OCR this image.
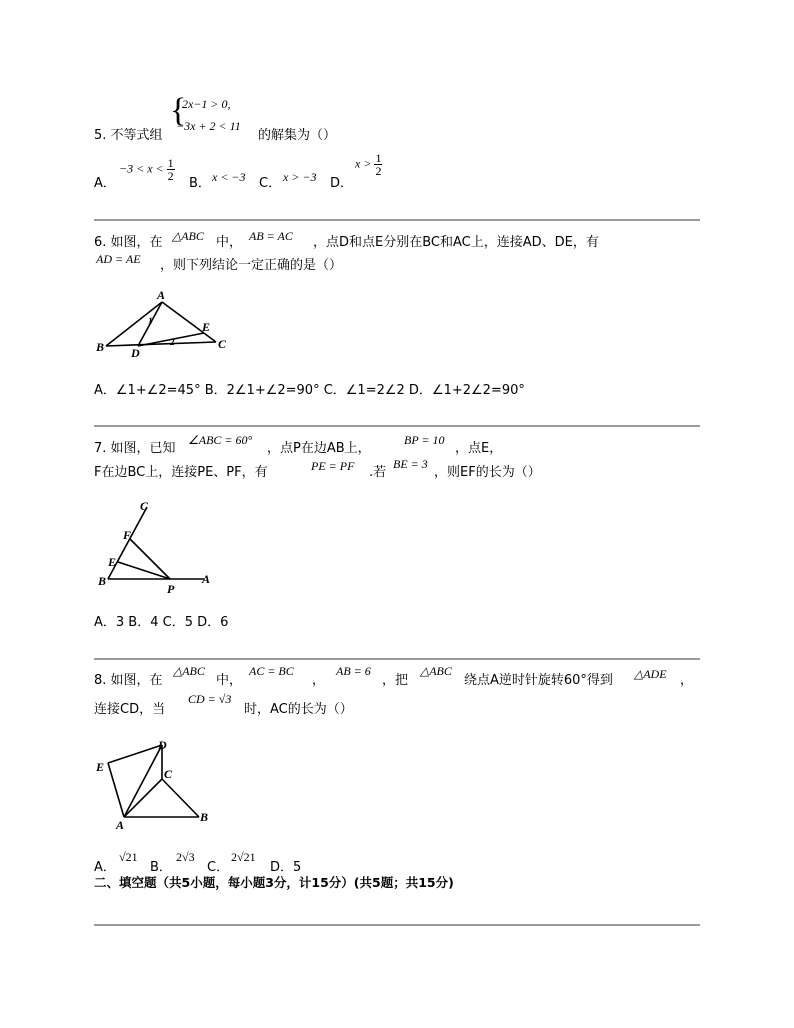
{
2x−1 > 0,
−3x + 2 < 11
5. 不等式组	的解集为（）
A．
$-3 < x < \frac{1}{2}$
B． x < −3 C． x > −3 D．
$x > \frac{1}{2}$
6. 如图，在 △ABC 中， AB = AC ，点D和点E分别在BC和AC上，连接AD、DE，有
AD = AE ，则下列结论一定正确的是（）
A
B	C
D
E
1
2
A．∠1+∠2=45° B．2∠1+∠2=90° C．∠1=2∠2 D．∠1+2∠2=90°
7. 如图，已知
∠ABC = 60°
，点P在边AB上，
BP = 10
，点E，
F在边BC上，连接PE、PF，有	PE = PF .若
BE = 3
，则EF的长为（）
C
F
E
B
P
A
A．3 B．4 C．5 D．6
8. 如图，在
△ABC
中，
AC = BC
，
AB = 6
，把
△ABC
绕点A逆时针旋转60°得到 △ADE ，
连接CD，当
CD = √3
时，AC的长为（）
D
E	C
A
B
A．
√21
B．
2√3
C．
2√21
D．5
二、填空题（共5小题，每小题3分，计15分）(共5题；共15分)
